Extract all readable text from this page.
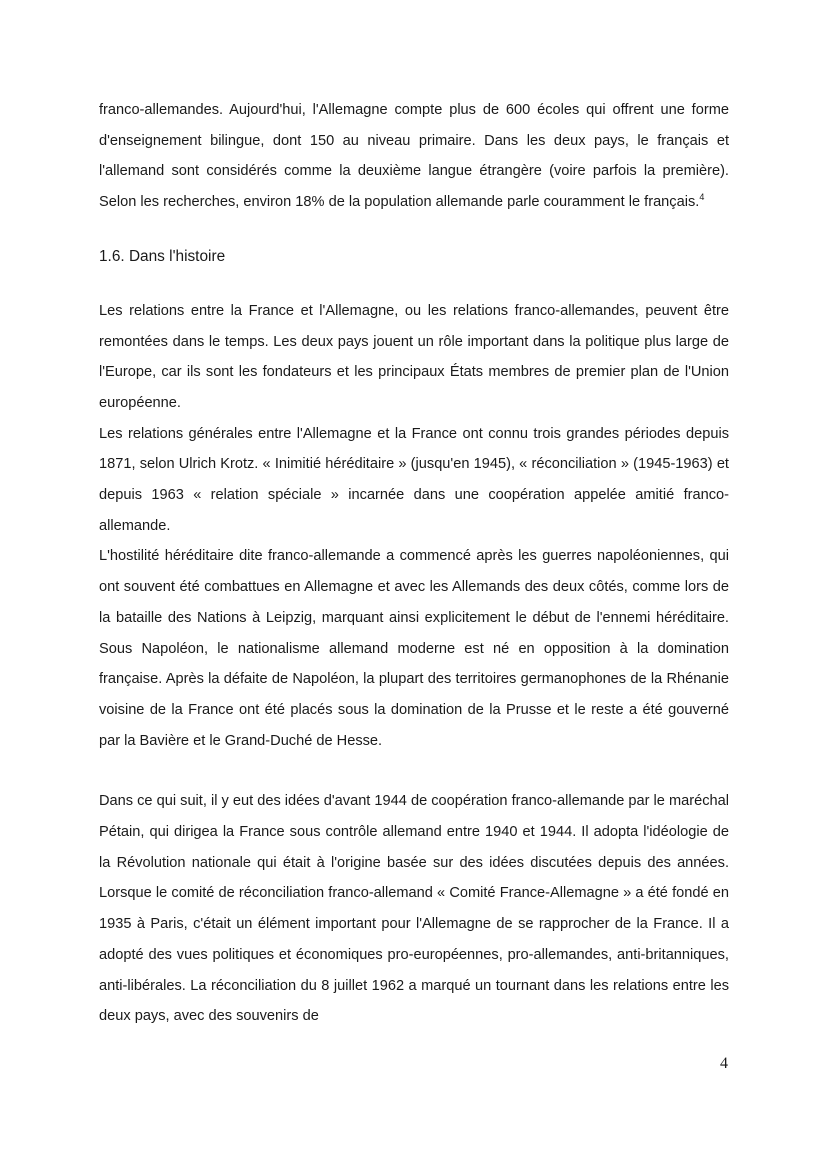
franco-allemandes. Aujourd'hui, l'Allemagne compte plus de 600 écoles qui offrent une forme d'enseignement bilingue, dont 150 au niveau primaire. Dans les deux pays, le français et l'allemand sont considérés comme la deuxième langue étrangère (voire parfois la première). Selon les recherches, environ 18% de la population allemande parle couramment le français.$^4$

1.6. Dans l'histoire

Les relations entre la France et l'Allemagne, ou les relations franco-allemandes, peuvent être remontées dans le temps. Les deux pays jouent un rôle important dans la politique plus large de l'Europe, car ils sont les fondateurs et les principaux États membres de premier plan de l'Union européenne.

Les relations générales entre l'Allemagne et la France ont connu trois grandes périodes depuis 1871, selon Ulrich Krotz. « Inimitié héréditaire » (jusqu'en 1945), « réconciliation » (1945-1963) et depuis 1963 « relation spéciale » incarnée dans une coopération appelée amitié franco-allemande.

L'hostilité héréditaire dite franco-allemande a commencé après les guerres napoléoniennes, qui ont souvent été combattues en Allemagne et avec les Allemands des deux côtés, comme lors de la bataille des Nations à Leipzig, marquant ainsi explicitement le début de l'ennemi héréditaire. Sous Napoléon, le nationalisme allemand moderne est né en opposition à la domination française. Après la défaite de Napoléon, la plupart des territoires germanophones de la Rhénanie voisine de la France ont été placés sous la domination de la Prusse et le reste a été gouverné par la Bavière et le Grand-Duché de Hesse.

Dans ce qui suit, il y eut des idées d'avant 1944 de coopération franco-allemande par le maréchal Pétain, qui dirigea la France sous contrôle allemand entre 1940 et 1944. Il adopta l'idéologie de la Révolution nationale qui était à l'origine basée sur des idées discutées depuis des années. Lorsque le comité de réconciliation franco-allemand « Comité France-Allemagne » a été fondé en 1935 à Paris, c'était un élément important pour l'Allemagne de se rapprocher de la France. Il a adopté des vues politiques et économiques pro-européennes, pro-allemandes, anti-britanniques, anti-libérales. La réconciliation du 8 juillet 1962 a marqué un tournant dans les relations entre les deux pays, avec des souvenirs de

4
